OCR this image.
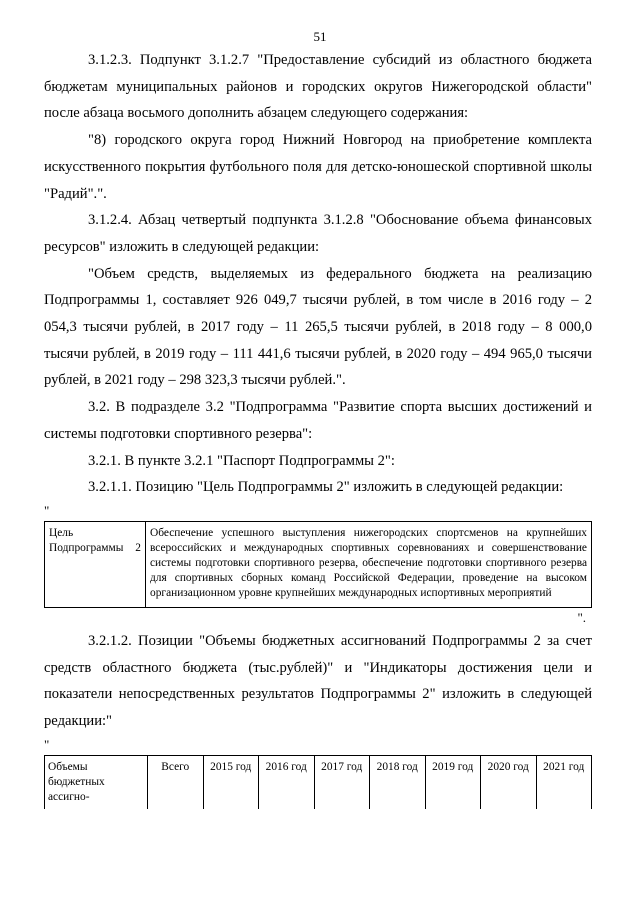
51

3.1.2.3. Подпункт 3.1.2.7 "Предоставление субсидий из областного бюджета бюджетам муниципальных районов и городских округов Нижегородской области" после абзаца восьмого дополнить абзацем следующего содержания:

"8) городского округа город Нижний Новгород на приобретение комплекта искусственного покрытия футбольного поля для детско-юношеской спортивной школы "Радий".".

3.1.2.4. Абзац четвертый подпункта 3.1.2.8 "Обоснование объема финансовых ресурсов" изложить в следующей редакции:

"Объем средств, выделяемых из федерального бюджета на реализацию Подпрограммы 1, составляет 926 049,7 тысячи рублей, в том числе в 2016 году – 2 054,3 тысячи рублей, в 2017 году – 11 265,5 тысячи рублей, в 2018 году – 8 000,0 тысячи рублей, в 2019 году – 111 441,6 тысячи рублей, в 2020 году – 494 965,0 тысячи рублей, в 2021 году – 298 323,3 тысячи рублей.".

3.2. В подразделе 3.2 "Подпрограмма "Развитие спорта высших достижений и системы подготовки спортивного резерва":

3.2.1. В пункте 3.2.1 "Паспорт Подпрограммы 2":

3.2.1.1. Позицию "Цель Подпрограммы 2" изложить в следующей редакции:

"

Цель Подпрограммы 2	Обеспечение успешного выступления нижегородских спортсменов на крупнейших всероссийских и международных спортивных соревнованиях и совершенствование системы подготовки спортивного резерва, обеспечение подготовки спортивного резерва для спортивных сборных команд Российской Федерации, проведение на высоком организационном уровне крупнейших международных испортивных мероприятий

".

3.2.1.2. Позиции "Объемы бюджетных ассигнований Подпрограммы 2 за счет средств областного бюджета (тыс.рублей)" и "Индикаторы достижения цели и показатели непосредственных результатов Подпрограммы 2" изложить в следующей редакции:"

"

Объемы бюджетных ассигно-	Всего	2015 год	2016 год	2017 год	2018 год	2019 год	2020 год	2021 год
